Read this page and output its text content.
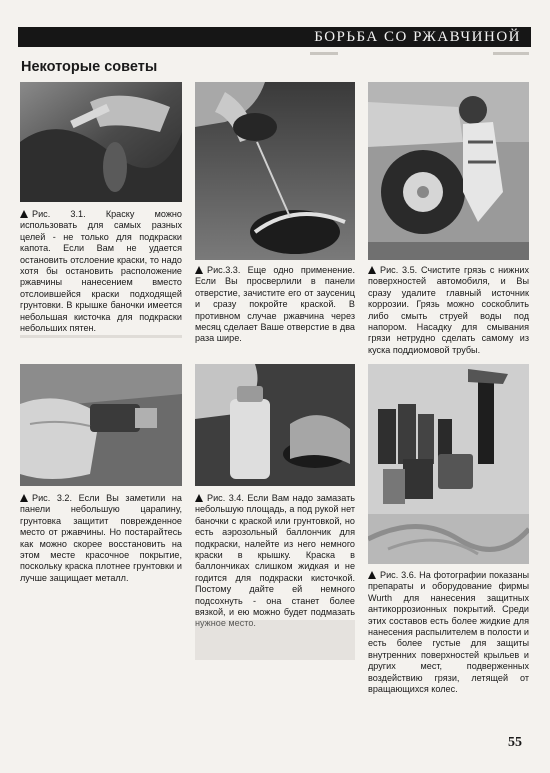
БОРЬБА СО РЖАВЧИНОЙ
Некоторые советы

Рис. 3.1. Краску можно использовать для самых разных целей - не только для подкраски капота. Если Вам не удается остановить отслоение краски, то надо хотя бы остановить расположение ржавчины нанесением вместо отслоившейся краски подходящей грунтовки. В крышке баночки имеется небольшая кисточка для подкраски небольших пятен.

Рис.3.3. Еще одно применение. Если Вы просверлили в панели отверстие, зачистите его от заусениц и сразу покройте краской. В противном случае ржавчина через месяц сделает Ваше отверстие в два раза шире.

Рис. 3.5. Счистите грязь с нижних поверхностей автомобиля, и Вы сразу удалите главный источник коррозии. Грязь можно соскоблить либо смыть струей воды под напором. Насадку для смывания грязи нетрудно сделать самому из куска поддиомовой трубы.

Рис. 3.2. Если Вы заметили на панели небольшую царапину, грунтовка защитит поврежденное место от ржавчины. Но постарайтесь как можно скорее восстановить на этом месте красочное покрытие, поскольку краска плотнее грунтовки и лучше защищает металл.

Рис. 3.4. Если Вам надо замазать небольшую площадь, а под рукой нет баночки с краской или грунтовкой, но есть аэрозольный баллончик для подкраски, налейте из него немного краски в крышку. Краска в баллончиках слишком жидкая и не годится для подкраски кисточкой. Постому дайте ей немного подсохнуть - она станет более вязкой, и ею можно будет подмазать нужное место.

Рис. 3.6. На фотографии показаны препараты и оборудование фирмы Wurth для нанесения защитных антикоррозионных покрытий. Среди этих составов есть более жидкие для нанесения распылителем в полости и есть более густые для защиты внутренних поверхностей крыльев и других мест, подверженных воздействию грязи, летящей от вращающихся колес.

55
